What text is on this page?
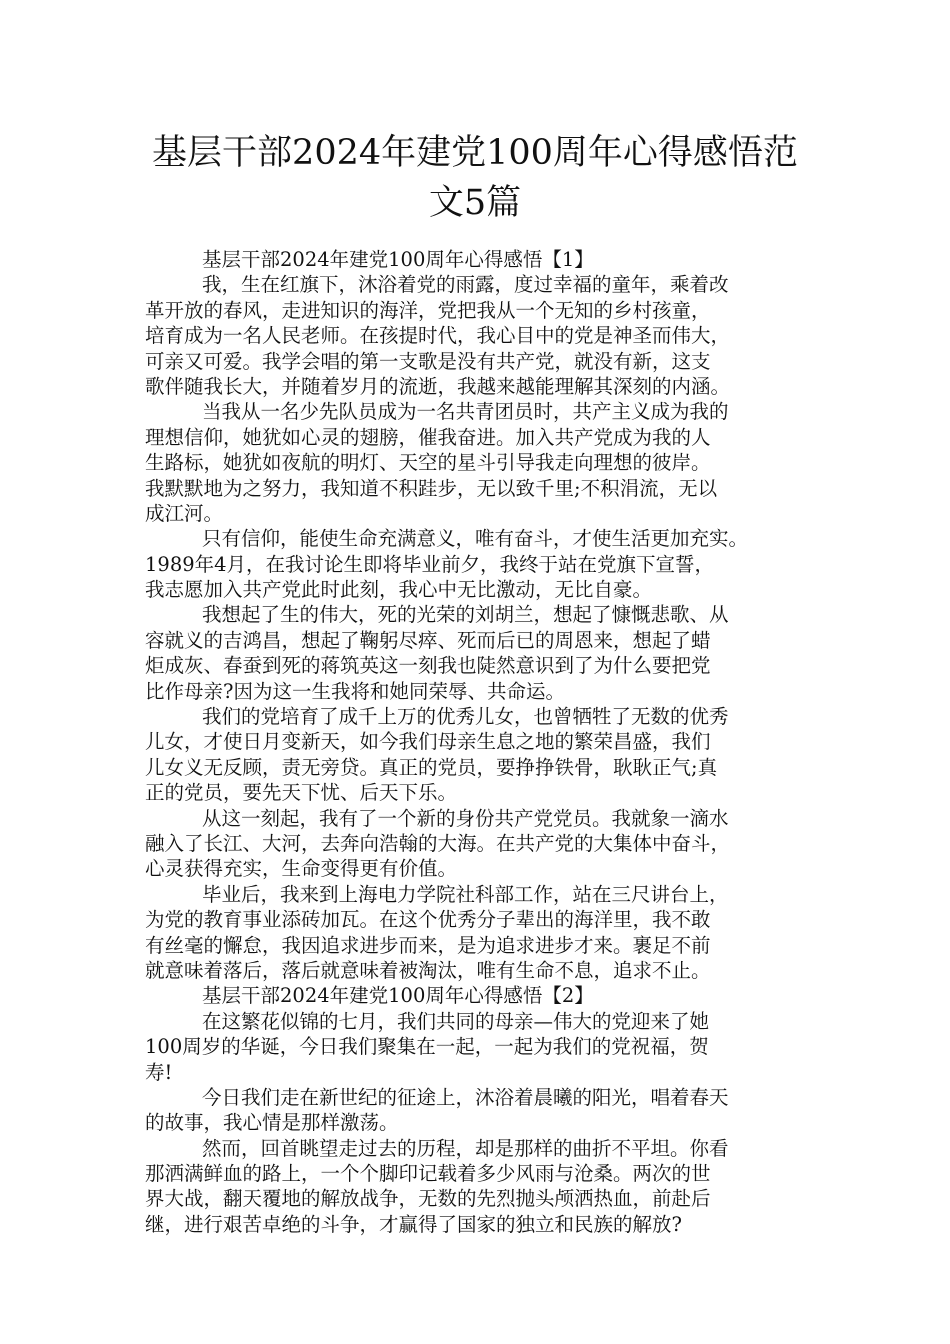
基层干部2024年建党100周年心得感悟范
文5篇
基层干部2024年建党100周年心得感悟【1】
我，生在红旗下，沐浴着党的雨露，度过幸福的童年，乘着改
革开放的春风，走进知识的海洋，党把我从一个无知的乡村孩童，
培育成为一名人民老师。在孩提时代，我心目中的党是神圣而伟大，
可亲又可爱。我学会唱的第一支歌是没有共产党，就没有新，这支
歌伴随我长大，并随着岁月的流逝，我越来越能理解其深刻的内涵。
当我从一名少先队员成为一名共青团员时，共产主义成为我的
理想信仰，她犹如心灵的翅膀，催我奋进。加入共产党成为我的人
生路标，她犹如夜航的明灯、天空的星斗引导我走向理想的彼岸。
我默默地为之努力，我知道不积跬步，无以致千里;不积涓流，无以
成江河。
只有信仰，能使生命充满意义，唯有奋斗，才使生活更加充实。
1989年4月，在我讨论生即将毕业前夕，我终于站在党旗下宣誓，
我志愿加入共产党此时此刻，我心中无比激动，无比自豪。
我想起了生的伟大，死的光荣的刘胡兰，想起了慷慨悲歌、从
容就义的吉鸿昌，想起了鞠躬尽瘁、死而后已的周恩来，想起了蜡
炬成灰、春蚕到死的蒋筑英这一刻我也陡然意识到了为什么要把党
比作母亲?因为这一生我将和她同荣辱、共命运。
我们的党培育了成千上万的优秀儿女，也曾牺牲了无数的优秀
儿女，才使日月变新天，如今我们母亲生息之地的繁荣昌盛，我们
儿女义无反顾，责无旁贷。真正的党员，要挣挣铁骨，耿耿正气;真
正的党员，要先天下忧、后天下乐。
从这一刻起，我有了一个新的身份共产党党员。我就象一滴水
融入了长江、大河，去奔向浩翰的大海。在共产党的大集体中奋斗，
心灵获得充实，生命变得更有价值。
毕业后，我来到上海电力学院社科部工作，站在三尺讲台上，
为党的教育事业添砖加瓦。在这个优秀分子辈出的海洋里，我不敢
有丝毫的懈怠，我因追求进步而来，是为追求进步才来。裹足不前
就意味着落后，落后就意味着被淘汰，唯有生命不息，追求不止。
基层干部2024年建党100周年心得感悟【2】
在这繁花似锦的七月，我们共同的母亲—伟大的党迎来了她
100周岁的华诞，今日我们聚集在一起，一起为我们的党祝福，贺
寿!
今日我们走在新世纪的征途上，沐浴着晨曦的阳光，唱着春天
的故事，我心情是那样激荡。
然而，回首眺望走过去的历程，却是那样的曲折不平坦。你看
那洒满鲜血的路上，一个个脚印记载着多少风雨与沧桑。两次的世
界大战，翻天覆地的解放战争，无数的先烈抛头颅洒热血，前赴后
继，进行艰苦卓绝的斗争，才赢得了国家的独立和民族的解放?
